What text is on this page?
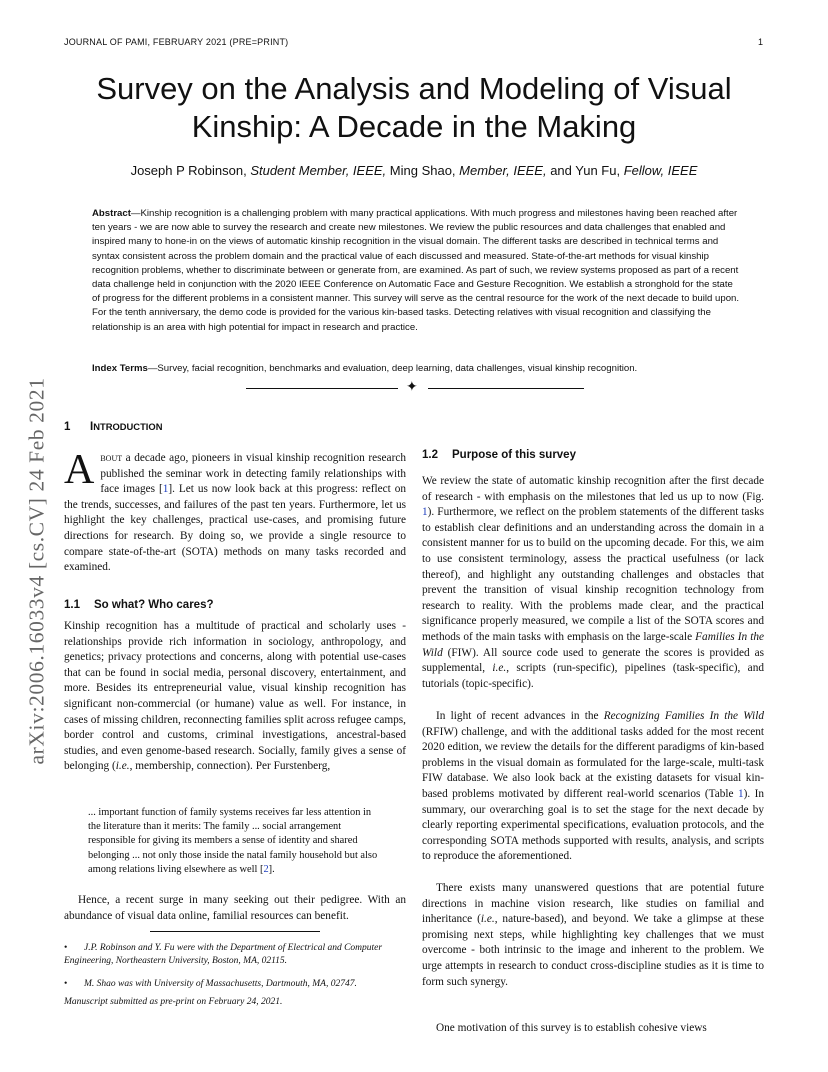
JOURNAL OF PAMI, FEBRUARY 2021 (PRE=PRINT)	1
arXiv:2006.16033v4 [cs.CV] 24 Feb 2021
Survey on the Analysis and Modeling of Visual
Kinship: A Decade in the Making
Joseph P Robinson, Student Member, IEEE, Ming Shao, Member, IEEE, and Yun Fu, Fellow, IEEE
Abstract—Kinship recognition is a challenging problem with many practical applications. With much progress and milestones having been reached after ten years - we are now able to survey the research and create new milestones. We review the public resources and data challenges that enabled and inspired many to hone-in on the views of automatic kinship recognition in the visual domain. The different tasks are described in technical terms and syntax consistent across the problem domain and the practical value of each discussed and measured. State-of-the-art methods for visual kinship recognition problems, whether to discriminate between or generate from, are examined. As part of such, we review systems proposed as part of a recent data challenge held in conjunction with the 2020 IEEE Conference on Automatic Face and Gesture Recognition. We establish a stronghold for the state of progress for the different problems in a consistent manner. This survey will serve as the central resource for the work of the next decade to build upon. For the tenth anniversary, the demo code is provided for the various kin-based tasks. Detecting relatives with visual recognition and classifying the relationship is an area with high potential for impact in research and practice.
Index Terms—Survey, facial recognition, benchmarks and evaluation, deep learning, data challenges, visual kinship recognition.
✦
1 INTRODUCTION
About a decade ago, pioneers in visual kinship recognition research published the seminar work in detecting family relationships with face images [1]. Let us now look back at this progress: reflect on the trends, successes, and failures of the past ten years. Furthermore, let us highlight the key challenges, practical use-cases, and promising future directions for research. By doing so, we provide a single resource to compare state-of-the-art (SOTA) methods on many tasks recorded and examined.
1.1 So what? Who cares?
Kinship recognition has a multitude of practical and scholarly uses - relationships provide rich information in sociology, anthropology, and genetics; privacy protections and concerns, along with potential use-cases that can be found in social media, personal discovery, entertainment, and more. Besides its entrepreneurial value, visual kinship recognition has significant non-commercial (or humane) value as well. For instance, in cases of missing children, reconnecting families split across refugee camps, border control and customs, criminal investigations, ancestral-based studies, and even genome-based research. Socially, family gives a sense of belonging (i.e., membership, connection). Per Furstenberg,
... important function of family systems receives far less attention in the literature than it merits: The family ... social arrangement responsible for giving its members a sense of identity and shared belonging ... not only those inside the natal family household but also among relations living elsewhere as well [2].
Hence, a recent surge in many seeking out their pedigree. With an abundance of visual data online, familial resources can benefit.
• J.P. Robinson and Y. Fu were with the Department of Electrical and Computer Engineering, Northeastern University, Boston, MA, 02115.
• M. Shao was with University of Massachusetts, Dartmouth, MA, 02747.
Manuscript submitted as pre-print on February 24, 2021.
1.2 Purpose of this survey
We review the state of automatic kinship recognition after the first decade of research - with emphasis on the milestones that led us up to now (Fig. 1). Furthermore, we reflect on the problem statements of the different tasks to establish clear definitions and an understanding across the domain in a consistent manner for us to build on the upcoming decade. For this, we aim to use consistent terminology, assess the practical usefulness (or lack thereof), and highlight any outstanding challenges and obstacles that prevent the transition of visual kinship recognition technology from research to reality. With the problems made clear, and the practical significance properly measured, we compile a list of the SOTA scores and methods of the main tasks with emphasis on the large-scale Families In the Wild (FIW). All source code used to generate the scores is provided as supplemental, i.e., scripts (run-specific), pipelines (task-specific), and tutorials (topic-specific).
In light of recent advances in the Recognizing Families In the Wild (RFIW) challenge, and with the additional tasks added for the most recent 2020 edition, we review the details for the different paradigms of kin-based problems in the visual domain as formulated for the large-scale, multi-task FIW database. We also look back at the existing datasets for visual kin-based problems motivated by different real-world scenarios (Table 1). In summary, our overarching goal is to set the stage for the next decade by clearly reporting experimental specifications, evaluation protocols, and the corresponding SOTA methods supported with results, analysis, and scripts to reproduce the aforementioned.
There exists many unanswered questions that are potential future directions in machine vision research, like studies on familial and inheritance (i.e., nature-based), and beyond. We take a glimpse at these promising next steps, while highlighting key challenges that we must overcome - both intrinsic to the image and inherent to the problem. We urge attempts in research to conduct cross-discipline studies as it is time to form such synergy.
One motivation of this survey is to establish cohesive views
